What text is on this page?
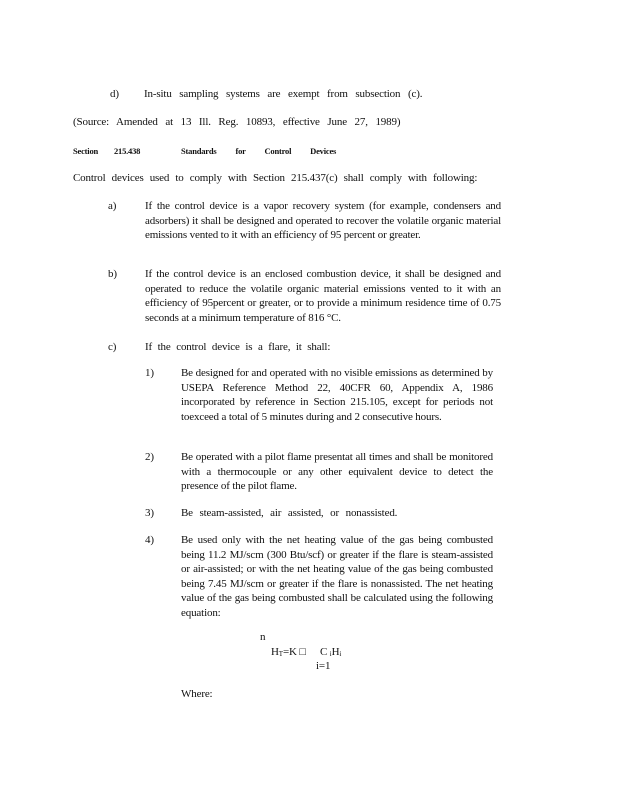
d) In-situ sampling systems are exempt from subsection (c).
(Source: Amended at 13 Ill. Reg. 10893, effective June 27, 1989)
Section 215.438	Standards for Control Devices
Control devices used to comply with Section 215.437(c) shall comply with following:
a)	If the control device is a vapor recovery system (for example, condensers and adsorbers) it shall be designed and operated to recover the volatile organic material emissions vented to it with an efficiency of 95 percent or greater.
b)	If the control device is an enclosed combustion device, it shall be designed and operated to reduce the volatile organic material emissions vented to it with an efficiency of 95percent or greater, or to provide a minimum residence time of 0.75 seconds at a minimum temperature of 816 °C.
c)	If the control device is a flare, it shall:
1) Be designed for and operated with no visible emissions as determined by USEPA Reference Method 22, 40CFR 60, Appendix A, 1986 incorporated by reference in Section 215.105, except for periods not toexceed a total of 5 minutes during and 2 consecutive hours.
2) Be operated with a pilot flame presentat all times and shall be monitored with a thermocouple or any other equivalent device to detect the presence of the pilot flame.
3) Be steam-assisted, air assisted, or nonassisted.
4) Be used only with the net heating value of the gas being combusted being 11.2 MJ/scm (300 Btu/scf) or greater if the flare is steam-assisted or air-assisted; or with the net heating value of the gas being combusted being 7.45 MJ/scm or greater if the flare is nonassisted. The net heating value of the gas being combusted shall be calculated using the following equation:
n
HT=K □ C iHi
i=1
Where:
